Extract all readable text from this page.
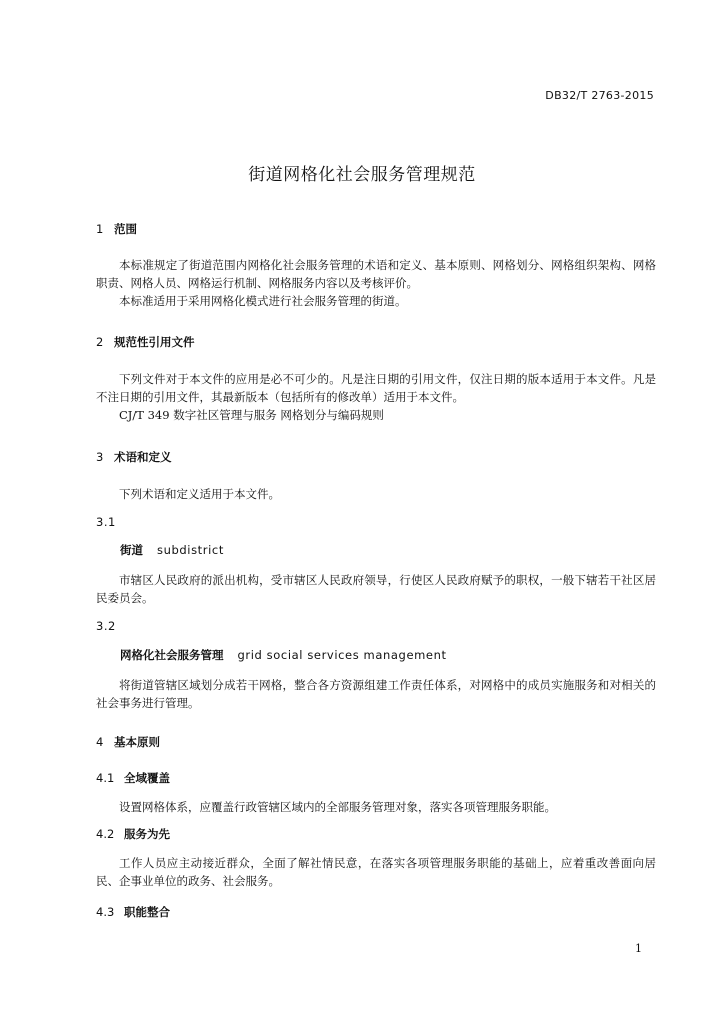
DB32/T 2763-2015
街道网格化社会服务管理规范
1 范围
本标准规定了街道范围内网格化社会服务管理的术语和定义、基本原则、网格划分、网格组织架构、网格职责、网格人员、网格运行机制、网格服务内容以及考核评价。
本标准适用于采用网格化模式进行社会服务管理的街道。
2 规范性引用文件
下列文件对于本文件的应用是必不可少的。凡是注日期的引用文件，仅注日期的版本适用于本文件。凡是不注日期的引用文件，其最新版本（包括所有的修改单）适用于本文件。
CJ/T 349 数字社区管理与服务 网格划分与编码规则
3 术语和定义
下列术语和定义适用于本文件。
3.1
街道 subdistrict
市辖区人民政府的派出机构，受市辖区人民政府领导，行使区人民政府赋予的职权，一般下辖若干社区居民委员会。
3.2
网格化社会服务管理 grid social services management
将街道管辖区域划分成若干网格，整合各方资源组建工作责任体系，对网格中的成员实施服务和对相关的社会事务进行管理。
4 基本原则
4.1 全域覆盖
设置网格体系，应覆盖行政管辖区域内的全部服务管理对象，落实各项管理服务职能。
4.2 服务为先
工作人员应主动接近群众，全面了解社情民意，在落实各项管理服务职能的基础上，应着重改善面向居民、企事业单位的政务、社会服务。
4.3 职能整合
1
